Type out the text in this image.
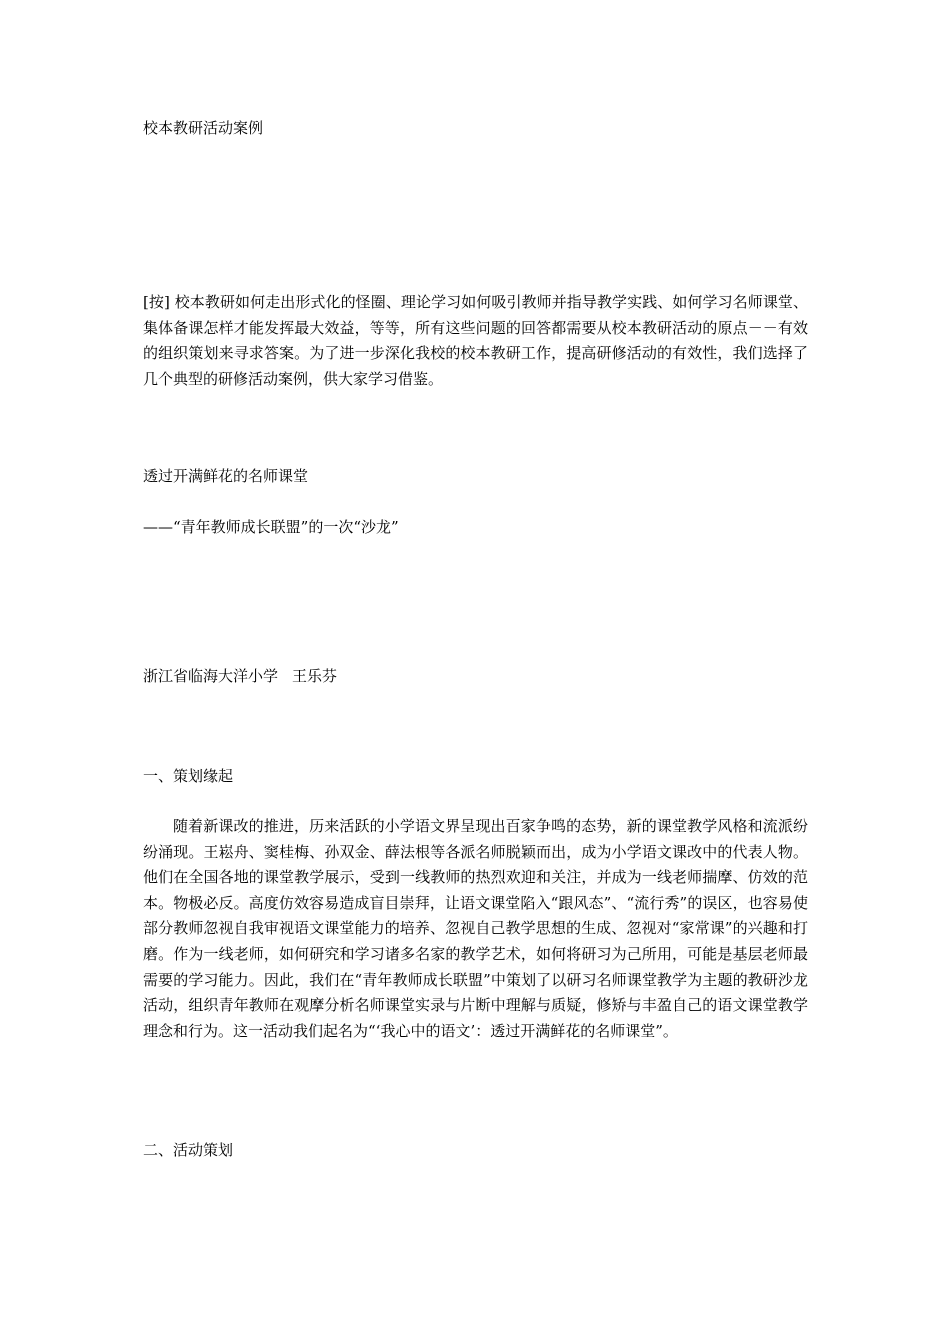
校本教研活动案例
[按] 校本教研如何走出形式化的怪圈、理论学习如何吸引教师并指导教学实践、如何学习名师课堂、集体备课怎样才能发挥最大效益，等等，所有这些问题的回答都需要从校本教研活动的原点－－有效的组织策划来寻求答案。为了进一步深化我校的校本教研工作，提高研修活动的有效性，我们选择了几个典型的研修活动案例，供大家学习借鉴。
透过开满鲜花的名师课堂
——“青年教师成长联盟”的一次“沙龙”
浙江省临海大洋小学 王乐芬
一、策划缘起
随着新课改的推进，历来活跃的小学语文界呈现出百家争鸣的态势，新的课堂教学风格和流派纷纷涌现。王崧舟、窦桂梅、孙双金、薛法根等各派名师脱颖而出，成为小学语文课改中的代表人物。他们在全国各地的课堂教学展示，受到一线教师的热烈欢迎和关注，并成为一线老师揣摩、仿效的范本。物极必反。高度仿效容易造成盲目崇拜，让语文课堂陷入“跟风态”、“流行秀”的误区，也容易使部分教师忽视自我审视语文课堂能力的培养、忽视自己教学思想的生成、忽视对“家常课”的兴趣和打磨。作为一线老师，如何研究和学习诸多名家的教学艺术，如何将研习为己所用，可能是基层老师最需要的学习能力。因此，我们在“青年教师成长联盟”中策划了以研习名师课堂教学为主题的教研沙龙活动，组织青年教师在观摩分析名师课堂实录与片断中理解与质疑，修矫与丰盈自己的语文课堂教学理念和行为。这一活动我们起名为“‘我心中的语文’：透过开满鲜花的名师课堂”。
二、活动策划
